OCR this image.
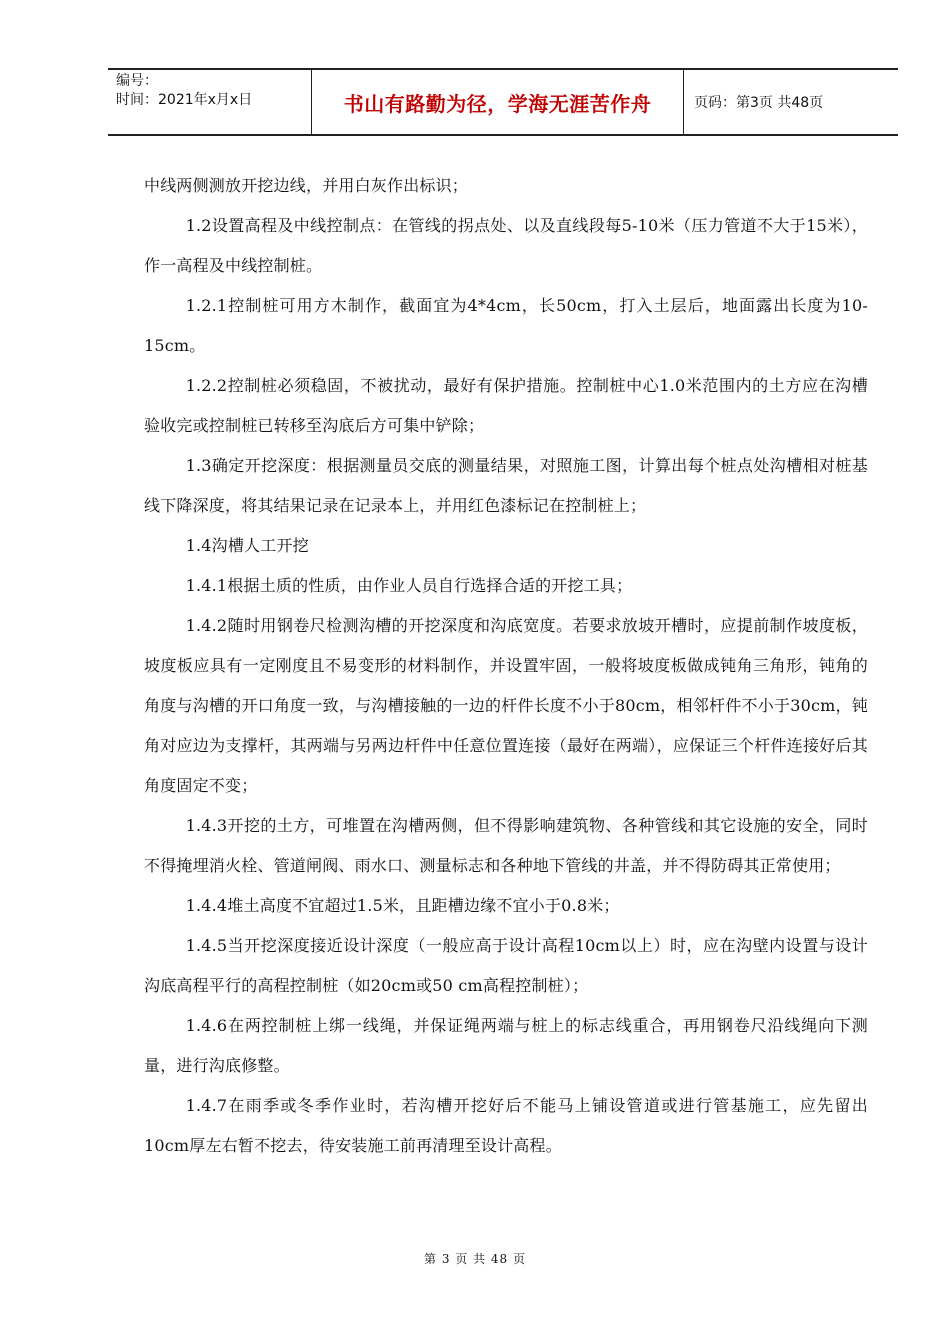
编号：
时间：2021年x月x日	书山有路勤为径，学海无涯苦作舟	页码：第3页 共48页

中线两侧测放开挖边线，并用白灰作出标识；

1.2设置高程及中线控制点：在管线的拐点处、以及直线段每5-10米（压力管道不大于15米），作一高程及中线控制桩。

1.2.1控制桩可用方木制作，截面宜为4*4cm，长50cm，打入土层后，地面露出长度为10-15cm。

1.2.2控制桩必须稳固，不被扰动，最好有保护措施。控制桩中心1.0米范围内的土方应在沟槽验收完或控制桩已转移至沟底后方可集中铲除；

1.3确定开挖深度：根据测量员交底的测量结果，对照施工图，计算出每个桩点处沟槽相对桩基线下降深度，将其结果记录在记录本上，并用红色漆标记在控制桩上；

1.4沟槽人工开挖

1.4.1根据土质的性质，由作业人员自行选择合适的开挖工具；

1.4.2随时用钢卷尺检测沟槽的开挖深度和沟底宽度。若要求放坡开槽时，应提前制作坡度板，坡度板应具有一定刚度且不易变形的材料制作，并设置牢固，一般将坡度板做成钝角三角形，钝角的角度与沟槽的开口角度一致，与沟槽接触的一边的杆件长度不小于80cm，相邻杆件不小于30cm，钝角对应边为支撑杆，其两端与另两边杆件中任意位置连接（最好在两端），应保证三个杆件连接好后其角度固定不变；

1.4.3开挖的土方，可堆置在沟槽两侧，但不得影响建筑物、各种管线和其它设施的安全，同时不得掩埋消火栓、管道闸阀、雨水口、测量标志和各种地下管线的井盖，并不得防碍其正常使用；

1.4.4堆土高度不宜超过1.5米，且距槽边缘不宜小于0.8米；

1.4.5当开挖深度接近设计深度（一般应高于设计高程10cm以上）时，应在沟壁内设置与设计沟底高程平行的高程控制桩（如20cm或50 cm高程控制桩）；

1.4.6在两控制桩上绑一线绳，并保证绳两端与桩上的标志线重合，再用钢卷尺沿线绳向下测量，进行沟底修整。

1.4.7在雨季或冬季作业时，若沟槽开挖好后不能马上铺设管道或进行管基施工，应先留出10cm厚左右暂不挖去，待安装施工前再清理至设计高程。

第 3 页 共 48 页
